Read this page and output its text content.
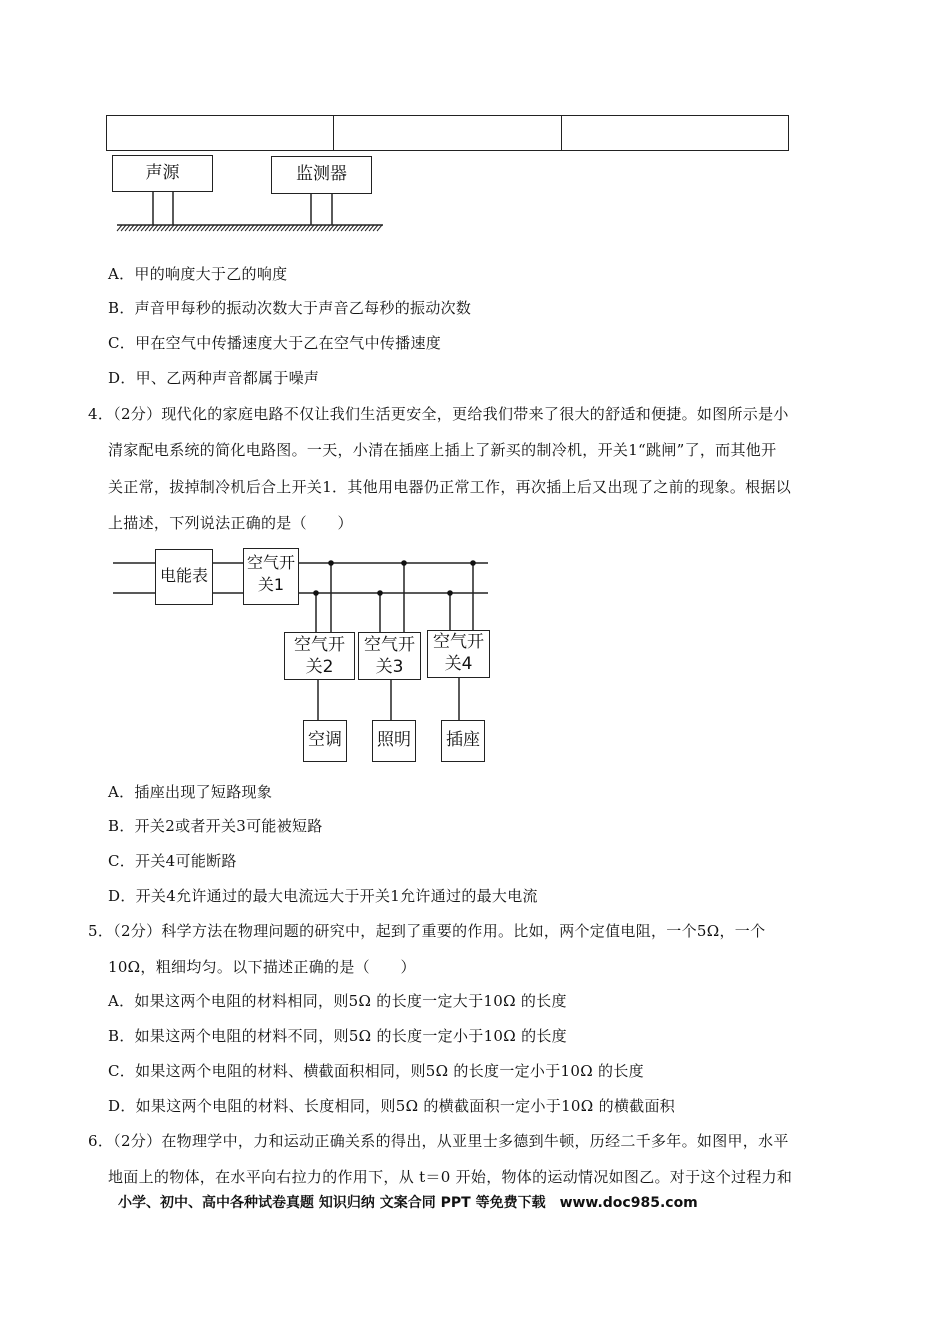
声源	监测器
A．甲的响度大于乙的响度
B．声音甲每秒的振动次数大于声音乙每秒的振动次数
C．甲在空气中传播速度大于乙在空气中传播速度
D．甲、乙两种声音都属于噪声
4．（2分）现代化的家庭电路不仅让我们生活更安全，更给我们带来了很大的舒适和便捷。如图所示是小
清家配电系统的简化电路图。一天，小清在插座上插上了新买的制冷机，开关1“跳闸”了，而其他开
关正常，拔掉制冷机后合上开关1．其他用电器仍正常工作，再次插上后又出现了之前的现象。根据以
上描述，下列说法正确的是（　　）
电能表
空气开
关1
空气开
关2
空气开
关3
空气开
关4
空调 照明 插座
A．插座出现了短路现象
B．开关2或者开关3可能被短路
C．开关4可能断路
D．开关4允许通过的最大电流远大于开关1允许通过的最大电流
5．（2分）科学方法在物理问题的研究中，起到了重要的作用。比如，两个定值电阻，一个5Ω，一个
10Ω，粗细均匀。以下描述正确的是（　　）
A．如果这两个电阻的材料相同，则5Ω 的长度一定大于10Ω 的长度
B．如果这两个电阻的材料不同，则5Ω 的长度一定小于10Ω 的长度
C．如果这两个电阻的材料、横截面积相同，则5Ω 的长度一定小于10Ω 的长度
D．如果这两个电阻的材料、长度相同，则5Ω 的横截面积一定小于10Ω 的横截面积
6．（2分）在物理学中，力和运动正确关系的得出，从亚里士多德到牛顿，历经二千多年。如图甲，水平
地面上的物体，在水平向右拉力的作用下，从 t＝0 开始，物体的运动情况如图乙。对于这个过程力和
小学、初中、高中各种试卷真题 知识归纳 文案合同 PPT 等免费下载　www.doc985.com
